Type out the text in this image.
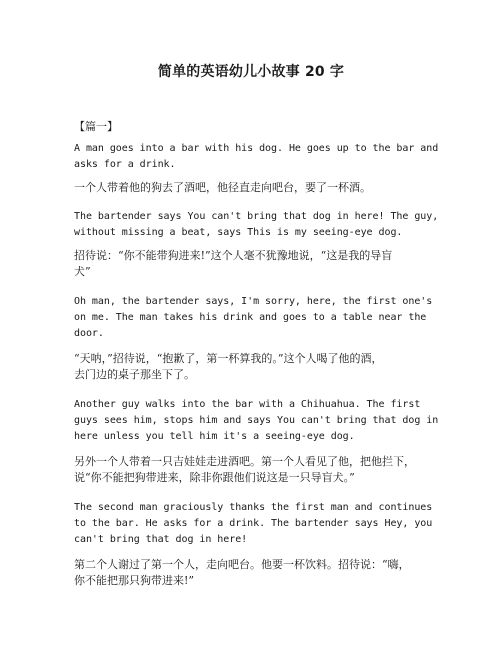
简单的英语幼儿小故事 20 字
【篇一】
A man goes into a bar with his dog. He goes up to the bar and
asks for a drink.
一个人带着他的狗去了酒吧，他径直走向吧台，要了一杯酒。
The bartender says You can't bring that dog in here! The guy,
without missing a beat, says This is my seeing-eye dog.
招待说：“你不能带狗进来!”这个人毫不犹豫地说，“这是我的导盲
犬”
Oh man, the bartender says, I'm sorry, here, the first one's
on me. The man takes his drink and goes to a table near the
door.
“天呐，”招待说，“抱歉了，第一杯算我的。”这个人喝了他的酒，
去门边的桌子那坐下了。
Another guy walks into the bar with a Chihuahua. The first
guys sees him, stops him and says You can't bring that dog in
here unless you tell him it's a seeing-eye dog.
另外一个人带着一只吉娃娃走进酒吧。第一个人看见了他，把他拦下，
说“你不能把狗带进来，除非你跟他们说这是一只导盲犬。”
The second man graciously thanks the first man and continues
to the bar. He asks for a drink. The bartender says Hey, you
can't bring that dog in here!
第二个人谢过了第一个人，走向吧台。他要一杯饮料。招待说：“嗨，
你不能把那只狗带进来!”
